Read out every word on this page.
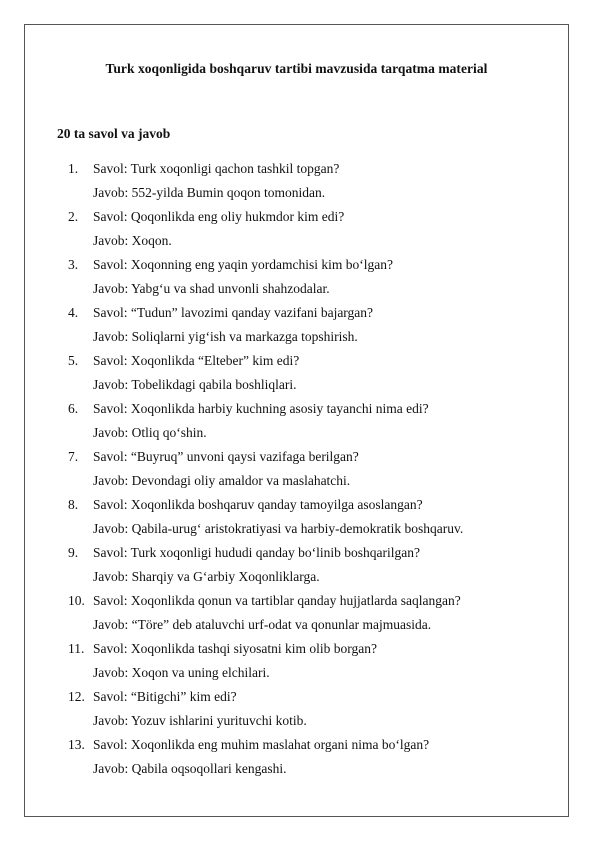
Turk xoqonligida boshqaruv tartibi mavzusida tarqatma material
20 ta savol va javob
1. Savol: Turk xoqonligi qachon tashkil topgan?
Javob: 552-yilda Bumin qoqon tomonidan.
2. Savol: Qoqonlikda eng oliy hukmdor kim edi?
Javob: Xoqon.
3. Savol: Xoqonning eng yaqin yordamchisi kim bo‘lgan?
Javob: Yabg‘u va shad unvonli shahzodalar.
4. Savol: “Tudun” lavozimi qanday vazifani bajargan?
Javob: Soliqlarni yig‘ish va markazga topshirish.
5. Savol: Xoqonlikda “Elteber” kim edi?
Javob: Tobelikdagi qabila boshliqlari.
6. Savol: Xoqonlikda harbiy kuchning asosiy tayanchi nima edi?
Javob: Otliq qo‘shin.
7. Savol: “Buyruq” unvoni qaysi vazifaga berilgan?
Javob: Devondagi oliy amaldor va maslahatchi.
8. Savol: Xoqonlikda boshqaruv qanday tamoyilga asoslangan?
Javob: Qabila-urug‘ aristokratiyasi va harbiy-demokratik boshqaruv.
9. Savol: Turk xoqonligi hududi qanday bo‘linib boshqarilgan?
Javob: Sharqiy va G‘arbiy Xoqonliklarga.
10. Savol: Xoqonlikda qonun va tartiblar qanday hujjatlarda saqlangan?
Javob: “Töre” deb ataluvchi urf-odat va qonunlar majmuasida.
11. Savol: Xoqonlikda tashqi siyosatni kim olib borgan?
Javob: Xoqon va uning elchilari.
12. Savol: “Bitigchi” kim edi?
Javob: Yozuv ishlarini yurituvchi kotib.
13. Savol: Xoqonlikda eng muhim maslahat organi nima bo‘lgan?
Javob: Qabila oqsoqollari kengashi.
